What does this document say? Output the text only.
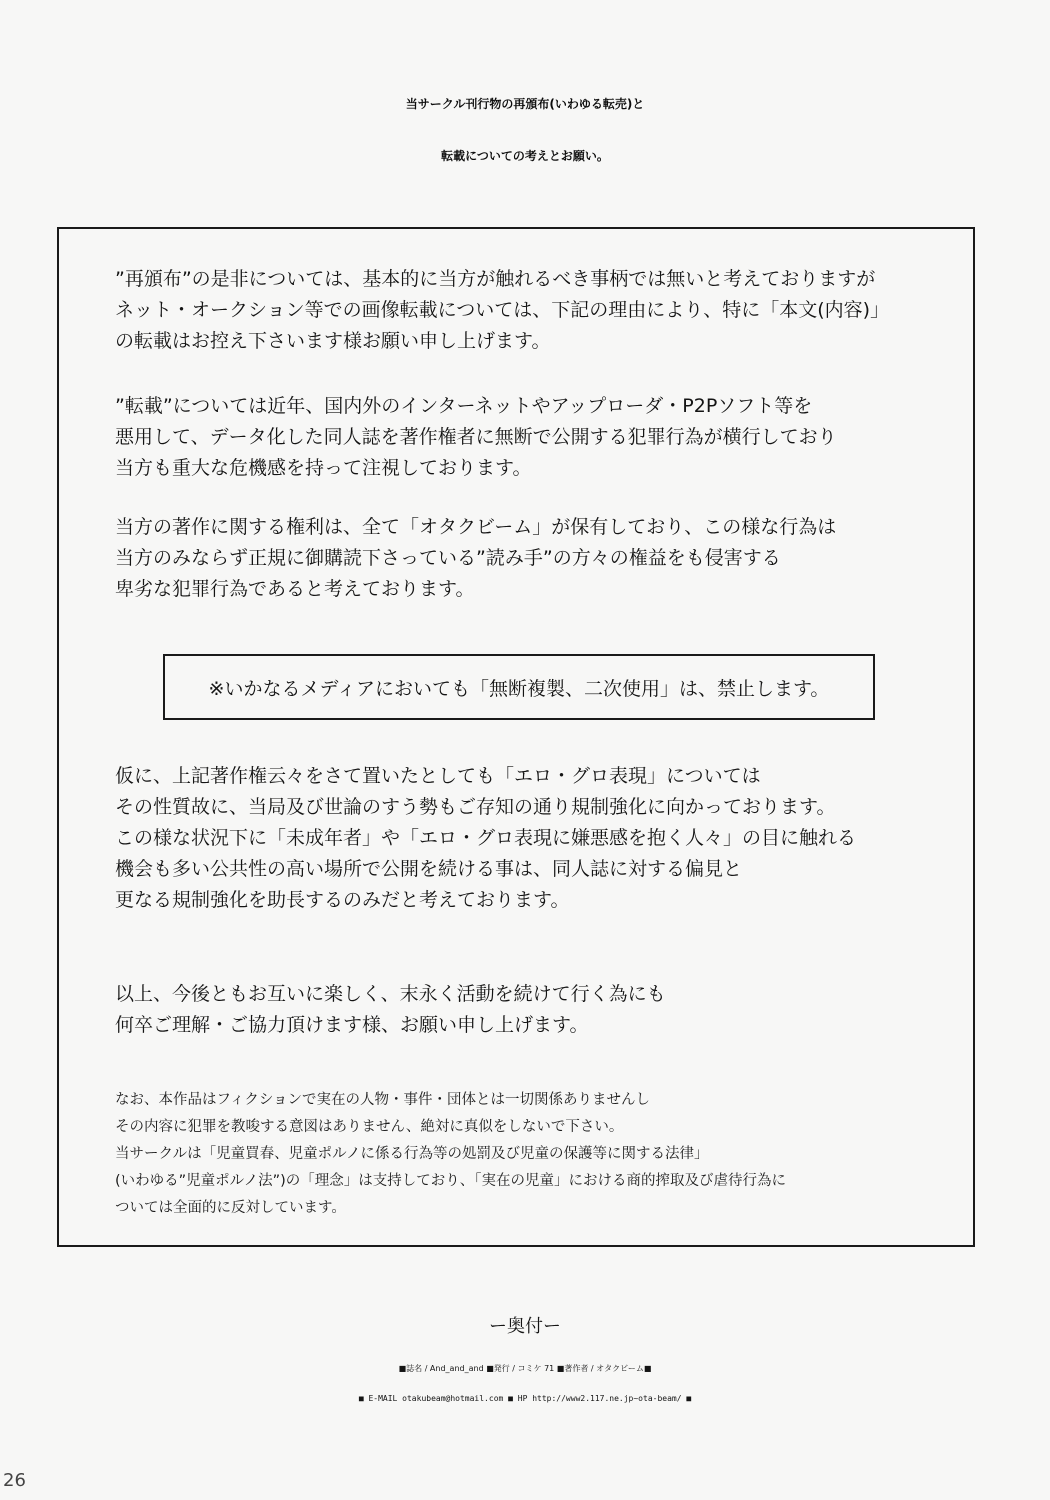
当サークル刊行物の再頒布(いわゆる転売)と
転載についての考えとお願い。
”再頒布”の是非については、基本的に当方が触れるべき事柄では無いと考えておりますが
ネット・オークション等での画像転載については、下記の理由により、特に「本文(内容)」
の転載はお控え下さいます様お願い申し上げます。
”転載”については近年、国内外のインターネットやアップローダ・P2Pソフト等を
悪用して、データ化した同人誌を著作権者に無断で公開する犯罪行為が横行しており
当方も重大な危機感を持って注視しております。
当方の著作に関する権利は、全て「オタクビーム」が保有しており、この様な行為は
当方のみならず正規に御購読下さっている”読み手”の方々の権益をも侵害する
卑劣な犯罪行為であると考えております。
※いかなるメディアにおいても「無断複製、二次使用」は、禁止します。
仮に、上記著作権云々をさて置いたとしても「エロ・グロ表現」については
その性質故に、当局及び世論のすう勢もご存知の通り規制強化に向かっております。
この様な状況下に「未成年者」や「エロ・グロ表現に嫌悪感を抱く人々」の目に触れる
機会も多い公共性の高い場所で公開を続ける事は、同人誌に対する偏見と
更なる規制強化を助長するのみだと考えております。
以上、今後ともお互いに楽しく、末永く活動を続けて行く為にも
何卒ご理解・ご協力頂けます様、お願い申し上げます。
なお、本作品はフィクションで実在の人物・事件・団体とは一切関係ありませんし
その内容に犯罪を教唆する意図はありません、絶対に真似をしないで下さい。
当サークルは「児童買春、児童ポルノに係る行為等の処罰及び児童の保護等に関する法律」
(いわゆる”児童ポルノ法”)の「理念」は支持しており、「実在の児童」における商的搾取及び虐待行為に
ついては全面的に反対しています。
ー奥付ー
■誌名 / And_and_and ■発行 / コミケ 71 ■著作者 / オタクビーム■
■ E-MAIL otakubeam@hotmail.com ■ HP http://www2.117.ne.jp~ota-beam/ ■
26
